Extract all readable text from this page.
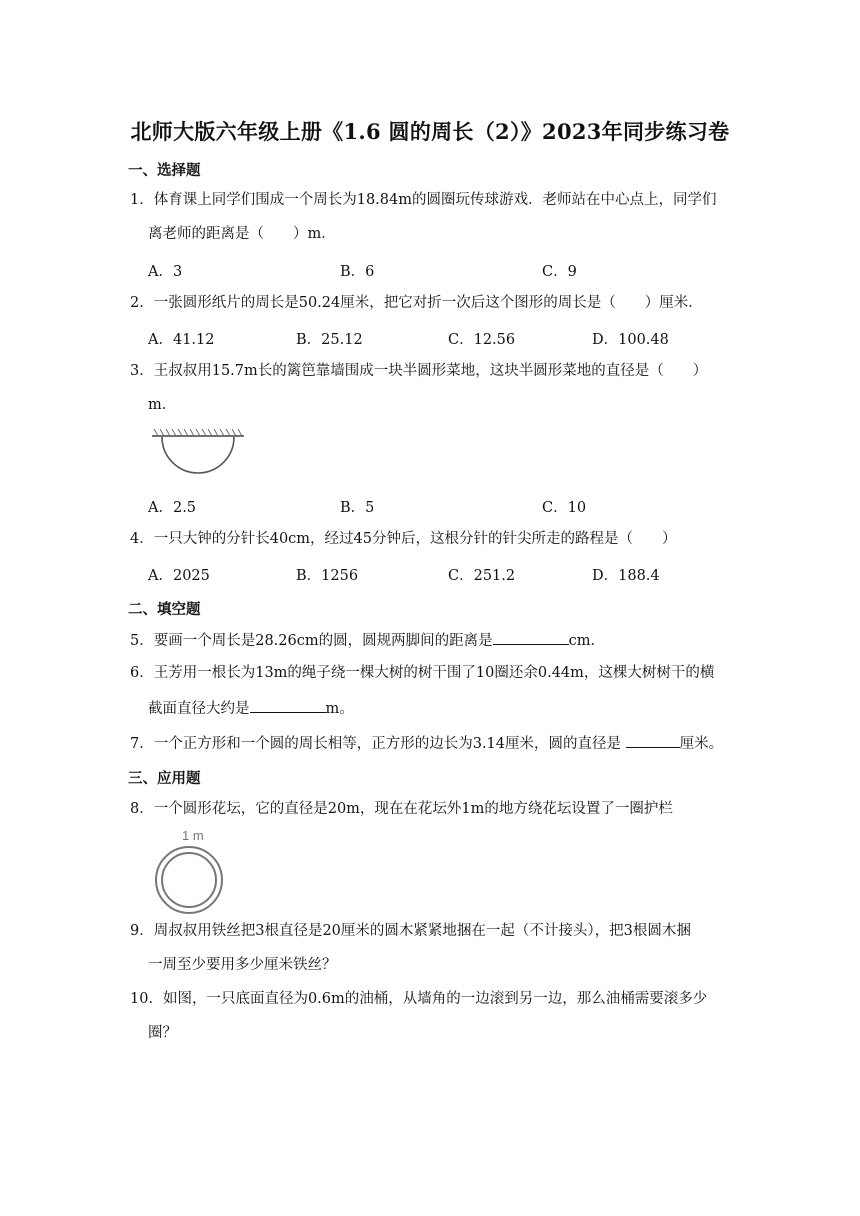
北师大版六年级上册《1.6 圆的周长（2）》2023年同步练习卷
一、选择题
1．体育课上同学们围成一个周长为18.84m的圆圈玩传球游戏．老师站在中心点上，同学们
离老师的距离是（　　）m．
A．3	B．6	C．9
2．一张圆形纸片的周长是50.24厘米，把它对折一次后这个图形的周长是（　　）厘米．
A．41.12	B．25.12	C．12.56	D．100.48
3．王叔叔用15.7m长的篱笆靠墙围成一块半圆形菜地，这块半圆形菜地的直径是（　　）
m．
A．2.5	B．5	C．10
4．一只大钟的分针长40cm，经过45分钟后，这根分针的针尖所走的路程是（　　）
A．2025	B．1256	C．251.2	D．188.4
二、填空题
5．要画一个周长是28.26cm的圆，圆规两脚间的距离是	cm．
6．王芳用一根长为13m的绳子绕一棵大树的树干围了10圈还余0.44m，这棵大树树干的横
截面直径大约是	m。
7．一个正方形和一个圆的周长相等，正方形的边长为3.14厘米，圆的直径是	厘米。
三、应用题
8．一个圆形花坛，它的直径是20m，现在在花坛外1m的地方绕花坛设置了一圈护栏
1 m
9．周叔叔用铁丝把3根直径是20厘米的圆木紧紧地捆在一起（不计接头），把3根圆木捆
一周至少要用多少厘米铁丝？
10．如图，一只底面直径为0.6m的油桶，从墙角的一边滚到另一边，那么油桶需要滚多少
圈？
